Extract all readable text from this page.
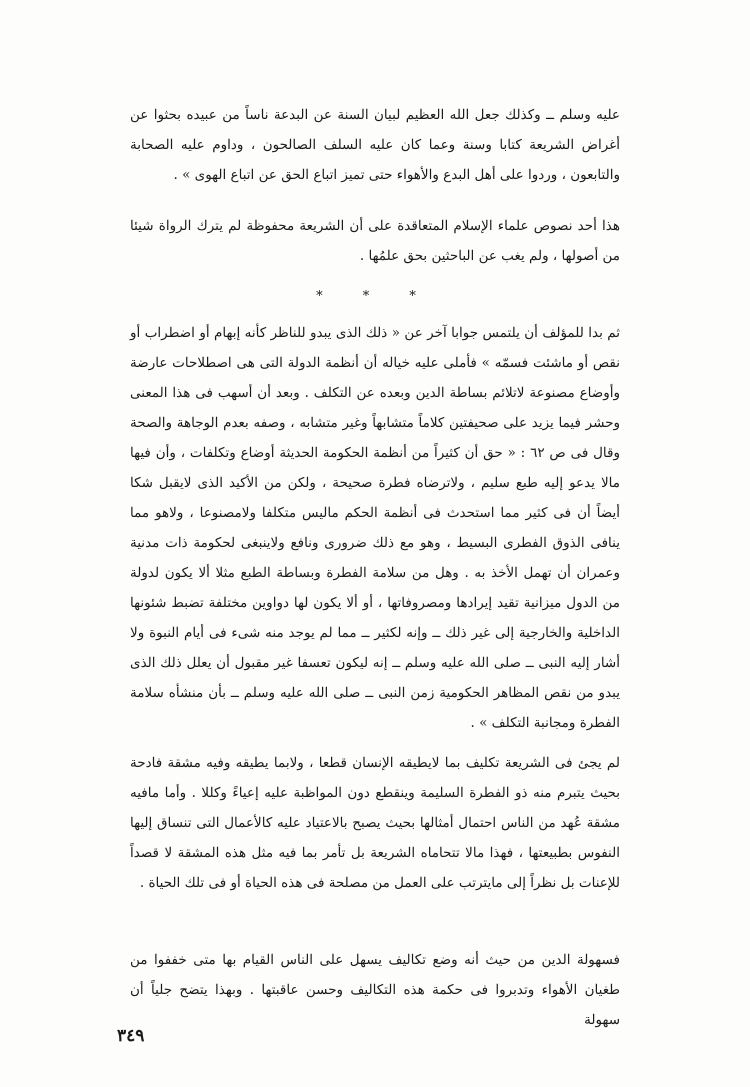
عليه وسلم ــ وكذلك جعل الله العظيم لبيان السنة عن البدعة ناساً من عبيده بحثوا عن أغراض الشريعة كتابا وسنة وعما كان عليه السلف الصالحون ، وداوم عليه الصحابة والتابعون ، وردوا على أهل البدع والأهواء حتى تميز اتباع الحق عن اتباع الهوى » .

هذا أحد نصوص علماء الإسلام المتعاقدة على أن الشريعة محفوظة لم يترك الرواة شيئا من أصولها ، ولم يغب عن الباحثين بحق علمُها .

* * *

ثم بدا للمؤلف أن يلتمس جوابا آخر عن « ذلك الذى يبدو للناظر كأنه إبهام أو اضطراب أو نقص أو ماشئت فسمّه » فأملى عليه خياله أن أنظمة الدولة التى هى اصطلاحات عارضة وأوضاع مصنوعة لاتلائم بساطة الدين وبعده عن التكلف . وبعد أن أسهب فى هذا المعنى وحشر فيما يزيد على صحيفتين كلاماً متشابهاً وغير متشابه ، وصفه بعدم الوجاهة والصحة وقال فى ص ٦٢ : « حق أن كثيراً من أنظمة الحكومة الحديثة أوضاع وتكلفات ، وأن فيها مالا يدعو إليه طبع سليم ، ولاترضاه فطرة صحيحة ، ولكن من الأكيد الذى لايقبل شكا أيضاً أن فى كثير مما استحدث فى أنظمة الحكم ماليس متكلفا ولامصنوعا ، ولاهو مما ينافى الذوق الفطرى البسيط ، وهو مع ذلك ضرورى ونافع ولاينبغى لحكومة ذات مدنية وعمران أن تهمل الأخذ به . وهل من سلامة الفطرة وبساطة الطبع مثلا ألا يكون لدولة من الدول ميزانية تقيد إيرادها ومصروفاتها ، أو ألا يكون لها دواوين مختلفة تضبط شئونها الداخلية والخارجية إلى غير ذلك ــ وإنه لكثير ــ مما لم يوجد منه شىء فى أيام النبوة ولا أشار إليه النبى ــ صلى الله عليه وسلم ــ إنه ليكون تعسفا غير مقبول أن يعلل ذلك الذى يبدو من نقص المظاهر الحكومية زمن النبى ــ صلى الله عليه وسلم ــ بأن منشأه سلامة الفطرة ومجانبة التكلف » .

لم يجئ فى الشريعة تكليف بما لايطيقه الإنسان قطعا ، ولابما يطيقه وفيه مشقة فادحة بحيث يتبرم منه ذو الفطرة السليمة وينقطع دون المواظبة عليه إعياءً وكللا . وأما مافيه مشقة عُهد من الناس احتمال أمثالها بحيث يصبح بالاعتياد عليه كالأعمال التى تنساق إليها النفوس بطبيعتها ، فهذا مالا تتحاماه الشريعة بل تأمر بما فيه مثل هذه المشقة لا قصداً للإعنات بل نظراً إلى مايترتب على العمل من مصلحة فى هذه الحياة أو فى تلك الحياة .

فسهولة الدين من حيث أنه وضع تكاليف يسهل على الناس القيام بها متى خففوا من طغيان الأهواء وتدبروا فى حكمة هذه التكاليف وحسن عاقبتها . وبهذا يتضح جلياً أن سهولة

٣٤٩
